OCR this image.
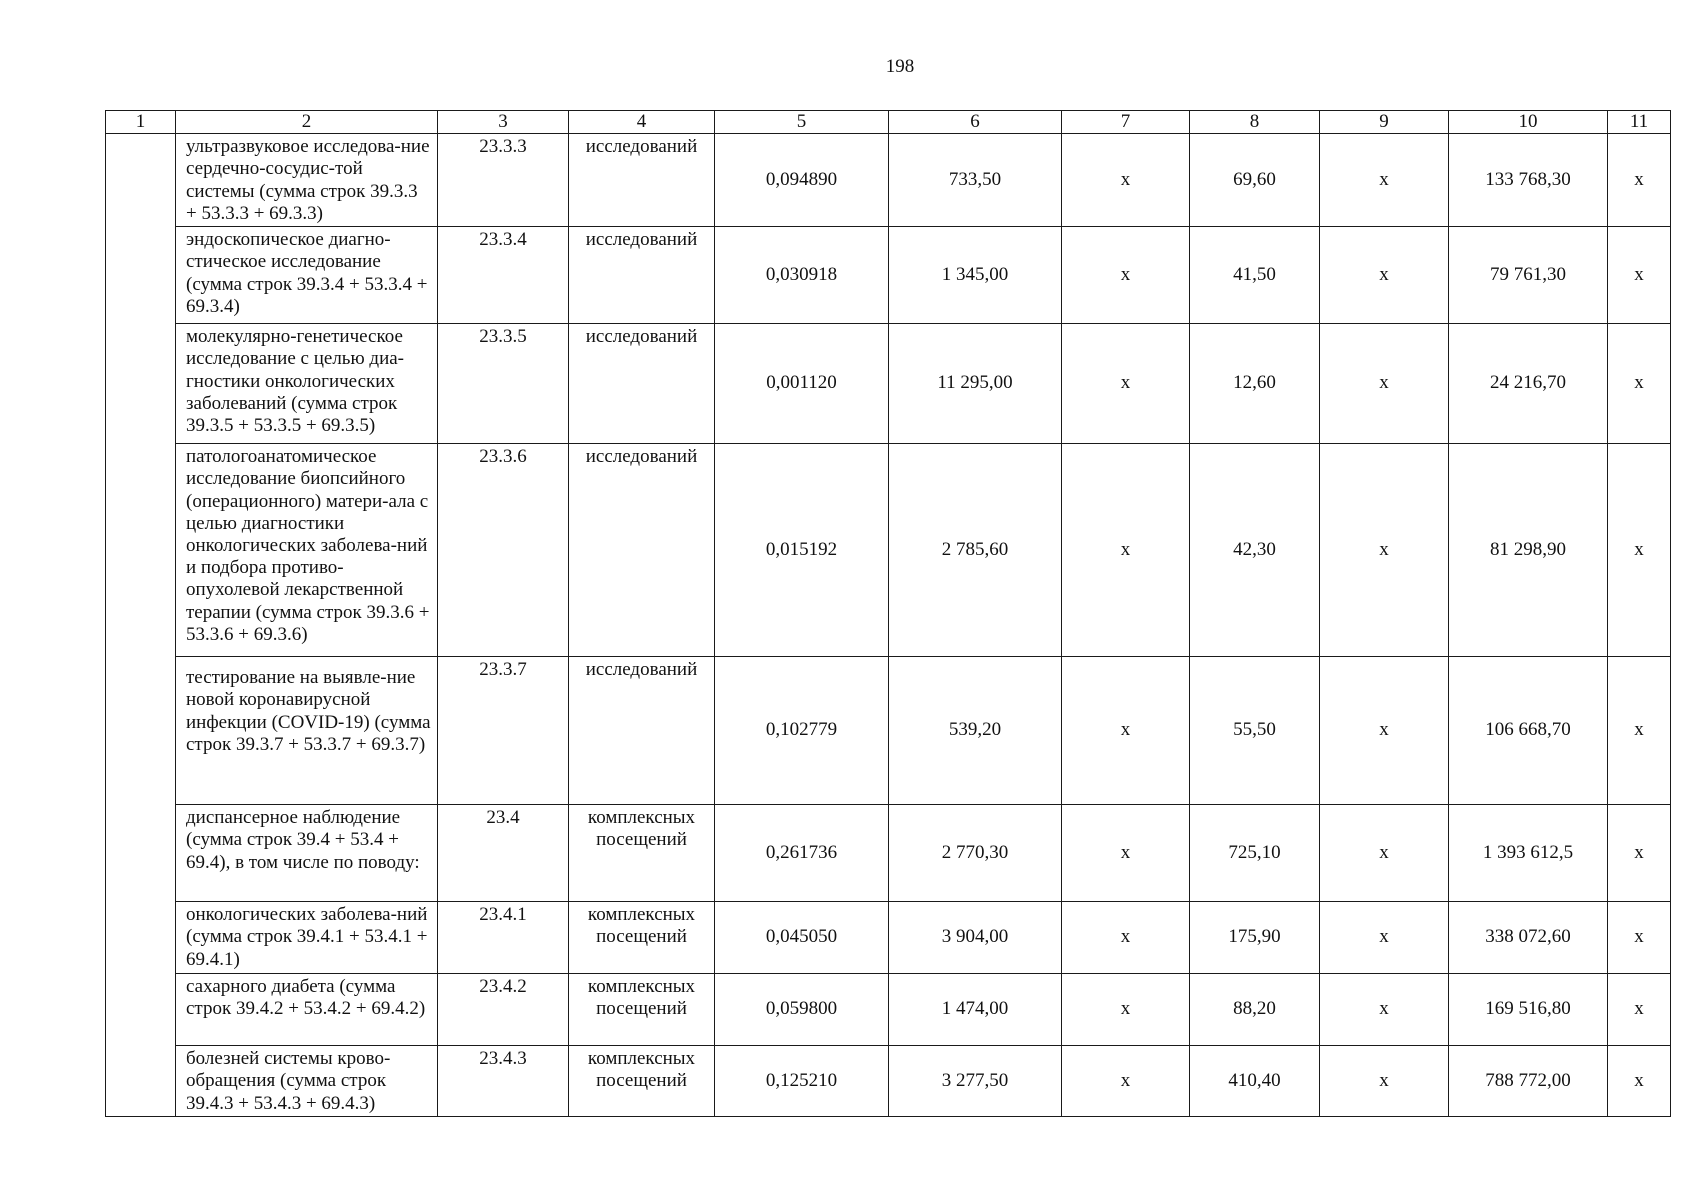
198
1	2	3	4	5	6	7	8	9	10	11
	ультразвуковое исследова-ние сердечно-сосудис-той системы (сумма строк 39.3.3 + 53.3.3 + 69.3.3)	23.3.3	исследований	0,094890	733,50	х	69,60	х	133 768,30	х
	эндоскопическое диагно-стическое исследование (сумма строк 39.3.4 + 53.3.4 + 69.3.4)	23.3.4	исследований	0,030918	1 345,00	х	41,50	х	79 761,30	х
	молекулярно-генетическое исследование с целью диа-гностики онкологических заболеваний (сумма строк 39.3.5 + 53.3.5 + 69.3.5)	23.3.5	исследований	0,001120	11 295,00	х	12,60	х	24 216,70	х
	патологоанатомическое исследование биопсийного (операционного) матери-ала с целью диагностики онкологических заболева-ний и подбора противо-опухолевой лекарственной терапии (сумма строк 39.3.6 + 53.3.6 + 69.3.6)	23.3.6	исследований	0,015192	2 785,60	х	42,30	х	81 298,90	х
	тестирование на выявле-ние новой коронавирусной инфекции (COVID-19) (сумма строк 39.3.7 + 53.3.7 + 69.3.7)	23.3.7	исследований	0,102779	539,20	х	55,50	х	106 668,70	х
	диспансерное наблюдение (сумма строк 39.4 + 53.4 + 69.4), в том числе по поводу:	23.4	комплексных посещений	0,261736	2 770,30	х	725,10	х	1 393 612,5	х
	онкологических заболева-ний (сумма строк 39.4.1 + 53.4.1 + 69.4.1)	23.4.1	комплексных посещений	0,045050	3 904,00	х	175,90	х	338 072,60	х
	сахарного диабета (сумма строк 39.4.2 + 53.4.2 + 69.4.2)	23.4.2	комплексных посещений	0,059800	1 474,00	х	88,20	х	169 516,80	х
	болезней системы крово-обращения (сумма строк 39.4.3 + 53.4.3 + 69.4.3)	23.4.3	комплексных посещений	0,125210	3 277,50	х	410,40	х	788 772,00	х
